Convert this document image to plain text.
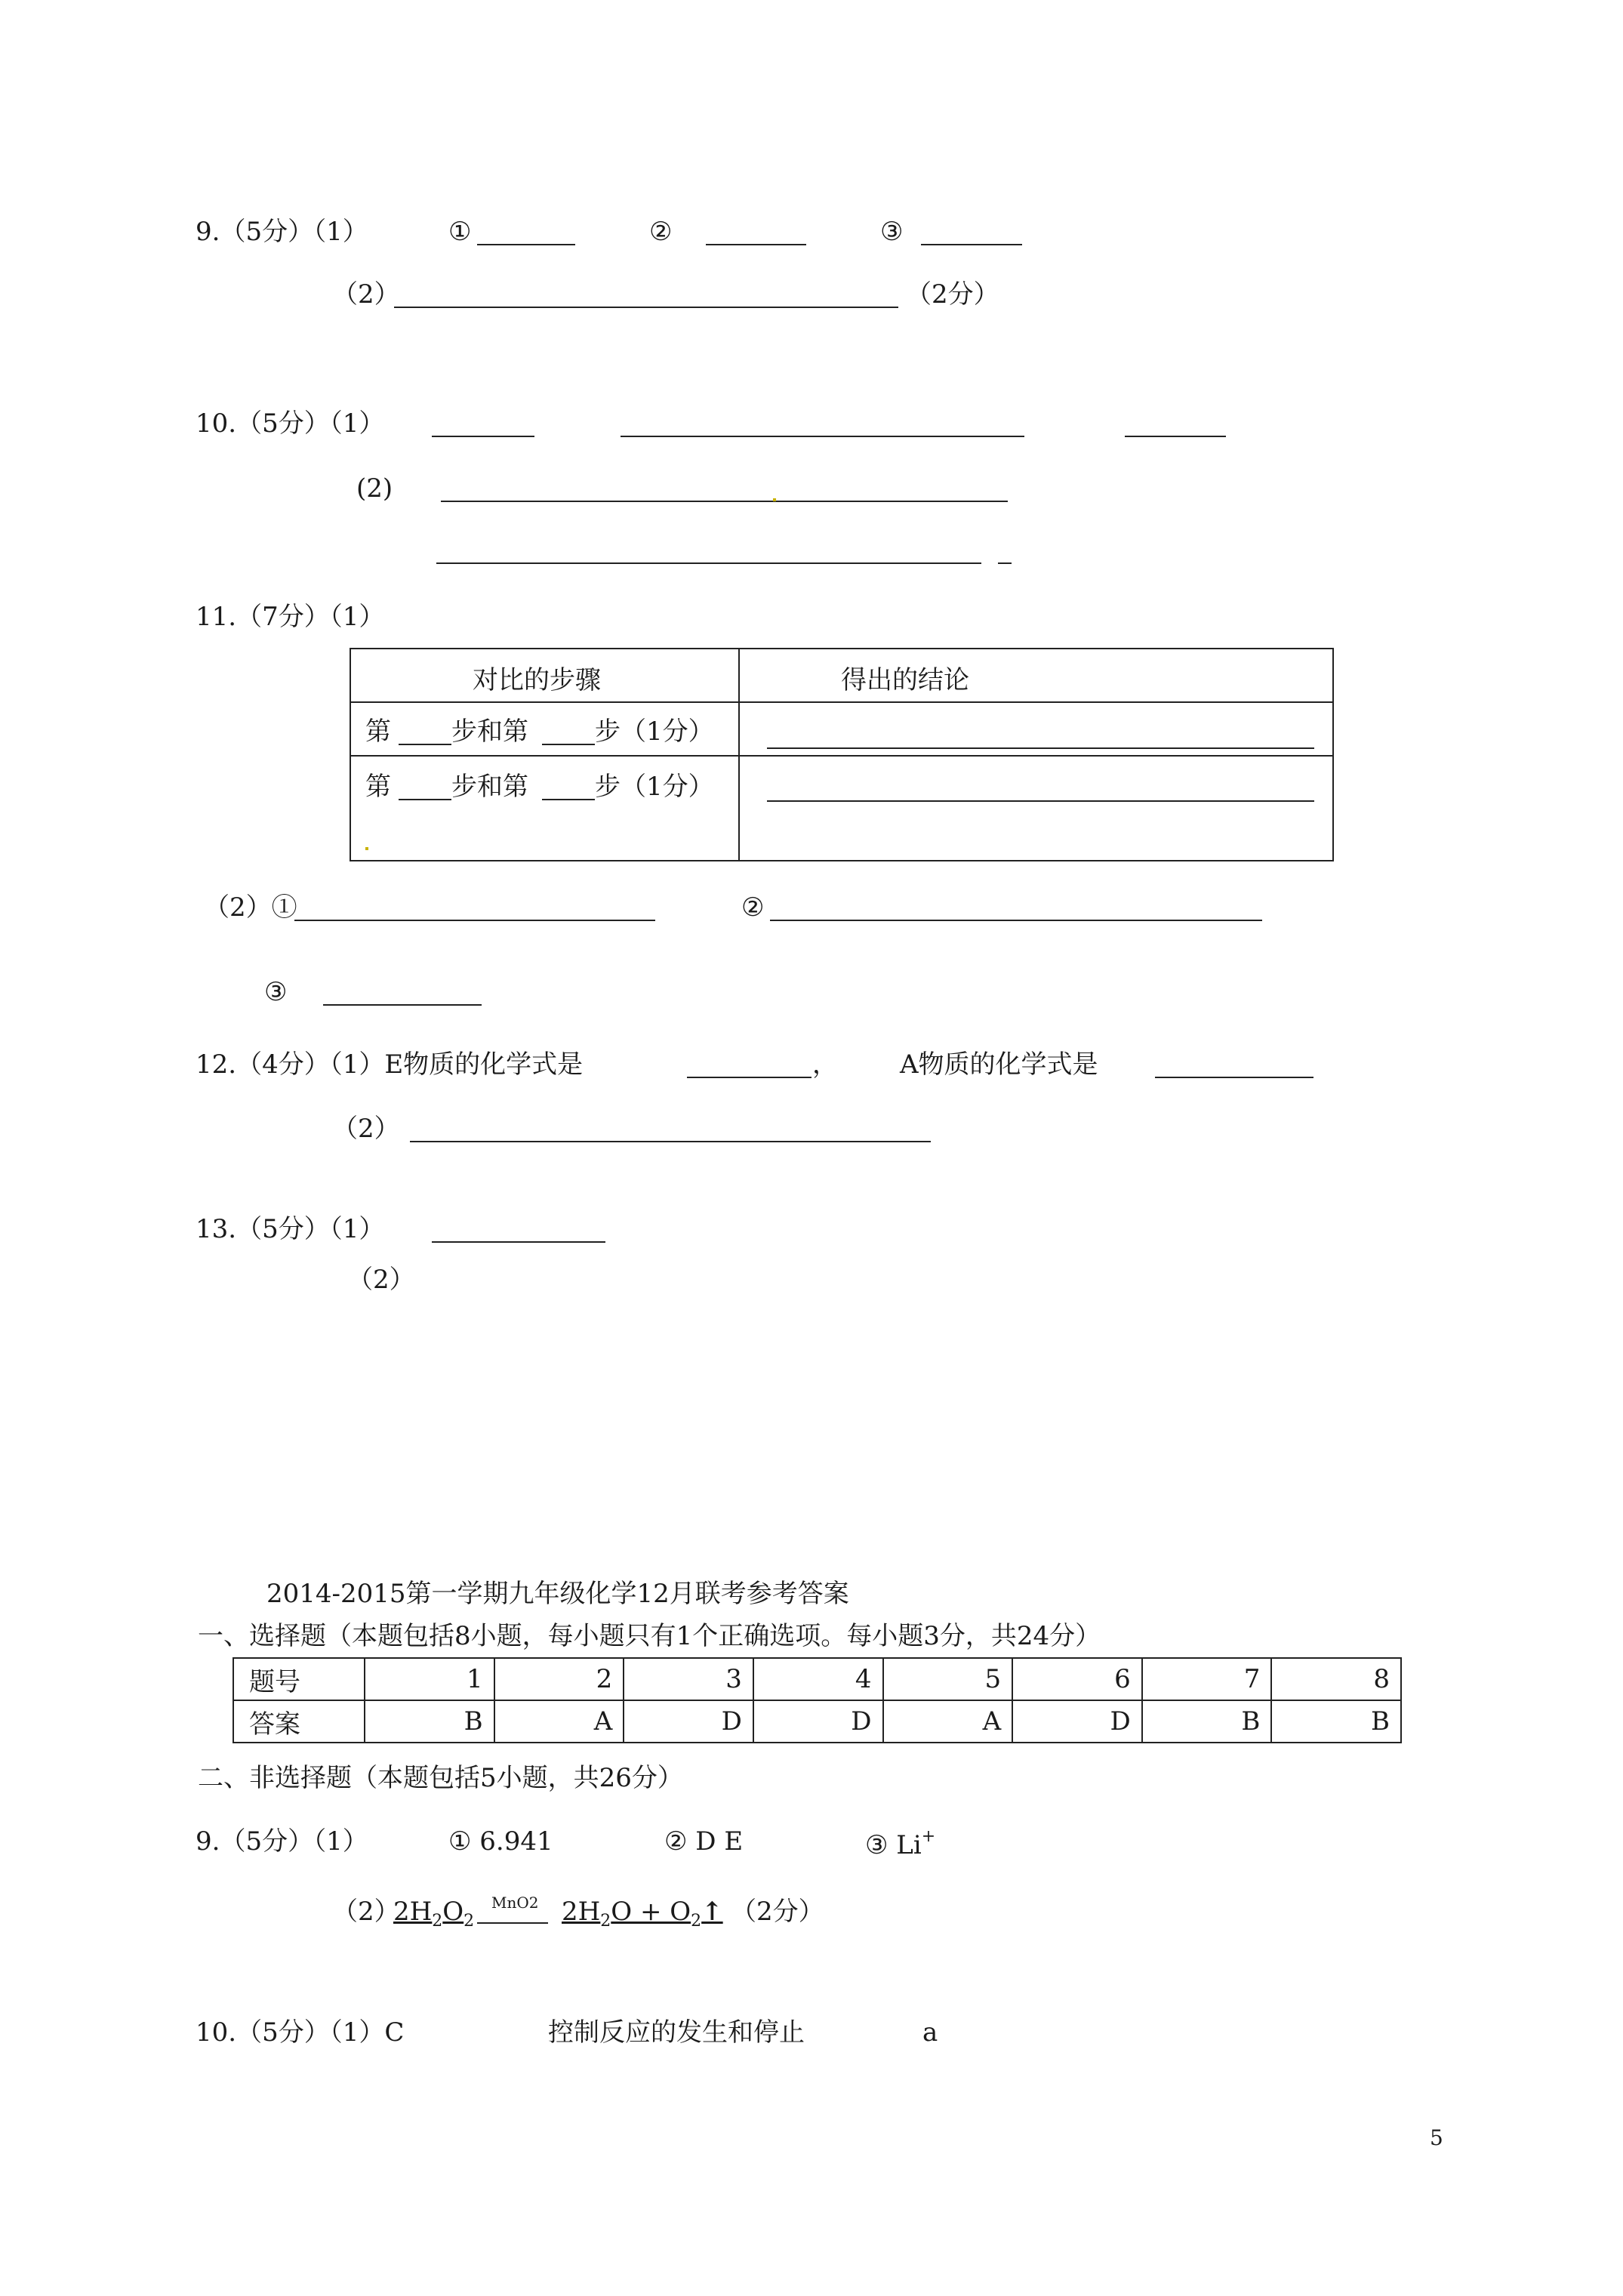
9.（5分）（1）	①	②	③
（2）	（2分）
10.（5分）（1）
(2)
11.（7分）（1）
对比的步骤	得出的结论
第 步和第	步（1分）
第 步和第	步（1分）
（2）①	②
③
12.（4分）（1）E物质的化学式是	， A物质的化学式是
（2）
13.（5分）（1）
（2）
2014-2015第一学期九年级化学12月联考参考答案
一、选择题（本题包括8小题，每小题只有1个正确选项。每小题3分，共24分）
题号	1	2	3	4	5	6	7	8
答案	B	A	D	D	A	D	B	B
二、非选择题（本题包括5小题，共26分）
9.（5分）（1）	① 6.941	② D E	③ Li+
（2）
$2H_2O_2$
MnO2 $2H_2O$ + $O_2↑$ （2分）
10.（5分）（1）C	控制反应的发生和停止	a
5
